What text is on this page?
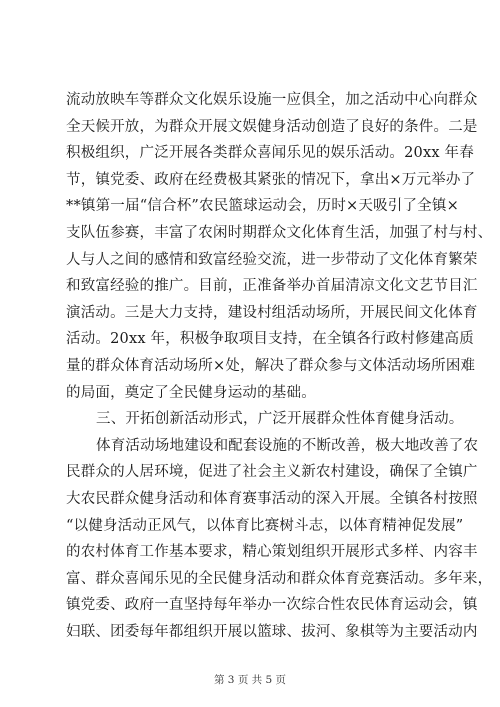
流动放映车等群众文化娱乐设施一应俱全，加之活动中心向群众
全天候开放，为群众开展文娱健身活动创造了良好的条件。二是
积极组织，广泛开展各类群众喜闻乐见的娱乐活动。20xx 年春
节，镇党委、政府在经费极其紧张的情况下，拿出×万元举办了
**镇第一届“信合杯”农民篮球运动会，历时×天吸引了全镇×
支队伍参赛，丰富了农闲时期群众文化体育生活，加强了村与村、
人与人之间的感情和致富经验交流，进一步带动了文化体育繁荣
和致富经验的推广。目前，正准备举办首届清凉文化文艺节目汇
演活动。三是大力支持，建设村组活动场所，开展民间文化体育
活动。20xx 年，积极争取项目支持，在全镇各行政村修建高质
量的群众体育活动场所×处，解决了群众参与文体活动场所困难
的局面，奠定了全民健身运动的基础。
三、开拓创新活动形式，广泛开展群众性体育健身活动。
体育活动场地建设和配套设施的不断改善，极大地改善了农
民群众的人居环境，促进了社会主义新农村建设，确保了全镇广
大农民群众健身活动和体育赛事活动的深入开展。全镇各村按照
“以健身活动正风气，以体育比赛树斗志，以体育精神促发展”
的农村体育工作基本要求，精心策划组织开展形式多样、内容丰
富、群众喜闻乐见的全民健身活动和群众体育竞赛活动。多年来，
镇党委、政府一直坚持每年举办一次综合性农民体育运动会，镇
妇联、团委每年都组织开展以篮球、拔河、象棋等为主要活动内
第 3 页 共 5 页
